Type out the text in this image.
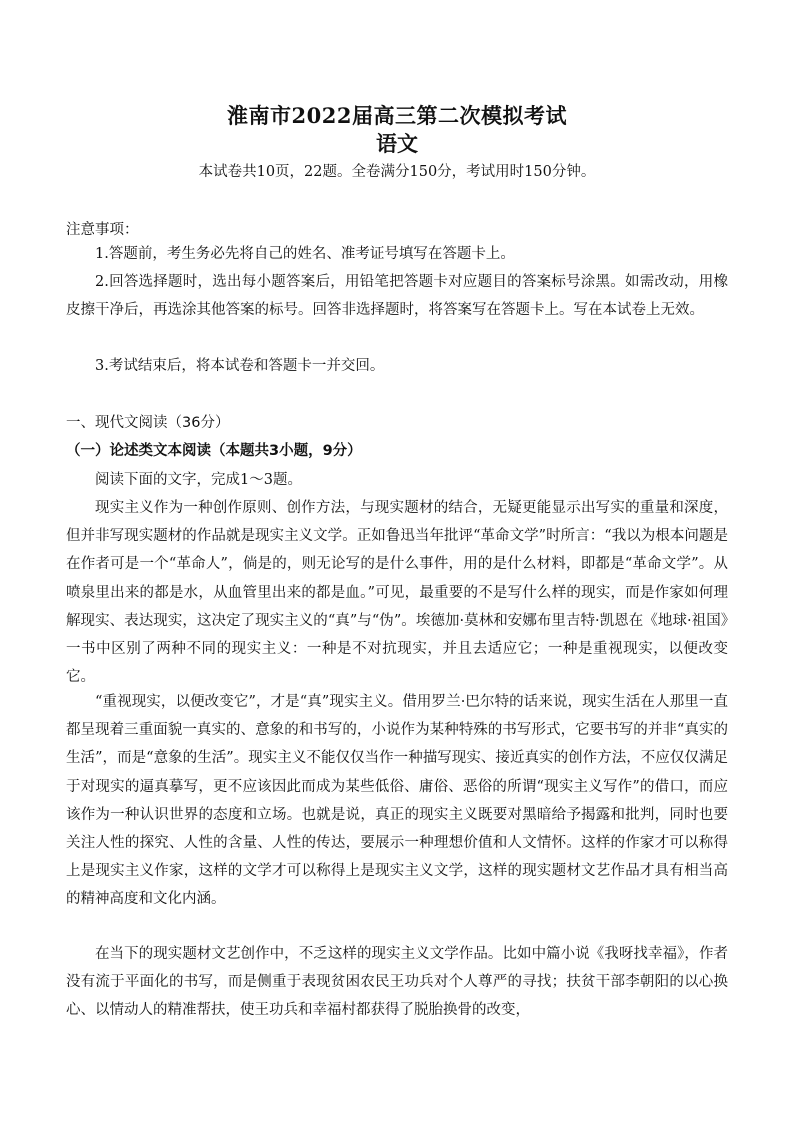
淮南市2022届高三第二次模拟考试
语文
本试卷共10页，22题。全卷满分150分，考试用时150分钟。
注意事项：
1.答题前，考生务必先将自己的姓名、准考证号填写在答题卡上。
2.回答选择题时，选出每小题答案后，用铅笔把答题卡对应题目的答案标号涂黑。如需改动，用橡皮擦干净后，再选涂其他答案的标号。回答非选择题时，将答案写在答题卡上。写在本试卷上无效。
3.考试结束后，将本试卷和答题卡一并交回。
一、现代文阅读（36分）
（一）论述类文本阅读（本题共3小题，9分）
阅读下面的文字，完成1～3题。
现实主义作为一种创作原则、创作方法，与现实题材的结合，无疑更能显示出写实的重量和深度，但并非写现实题材的作品就是现实主义文学。正如鲁迅当年批评“革命文学”时所言：“我以为根本问题是在作者可是一个“革命人”，倘是的，则无论写的是什么事件，用的是什么材料，即都是“革命文学”。从喷泉里出来的都是水，从血管里出来的都是血。”可见，最重要的不是写什么样的现实，而是作家如何理解现实、表达现实，这决定了现实主义的“真”与“伪”。埃德加·莫林和安娜布里吉特·凯恩在《地球·祖国》一书中区别了两种不同的现实主义：一种是不对抗现实，并且去适应它；一种是重视现实，以便改变它。
“重视现实，以便改变它”，才是“真”现实主义。借用罗兰·巴尔特的话来说，现实生活在人那里一直都呈现着三重面貌一真实的、意象的和书写的，小说作为某种特殊的书写形式，它要书写的并非“真实的生活”，而是“意象的生活”。现实主义不能仅仅当作一种描写现实、接近真实的创作方法，不应仅仅满足于对现实的逼真摹写，更不应该因此而成为某些低俗、庸俗、恶俗的所谓“现实主义写作”的借口，而应该作为一种认识世界的态度和立场。也就是说，真正的现实主义既要对黑暗给予揭露和批判，同时也要关注人性的探究、人性的含量、人性的传达，要展示一种理想价值和人文情怀。这样的作家才可以称得上是现实主义作家，这样的文学才可以称得上是现实主义文学，这样的现实题材文艺作品才具有相当高的精神高度和文化内涵。
在当下的现实题材文艺创作中，不乏这样的现实主义文学作品。比如中篇小说《我呀找幸福》，作者没有流于平面化的书写，而是侧重于表现贫困农民王功兵对个人尊严的寻找；扶贫干部李朝阳的以心换心、以情动人的精准帮扶，使王功兵和幸福村都获得了脱胎换骨的改变，
